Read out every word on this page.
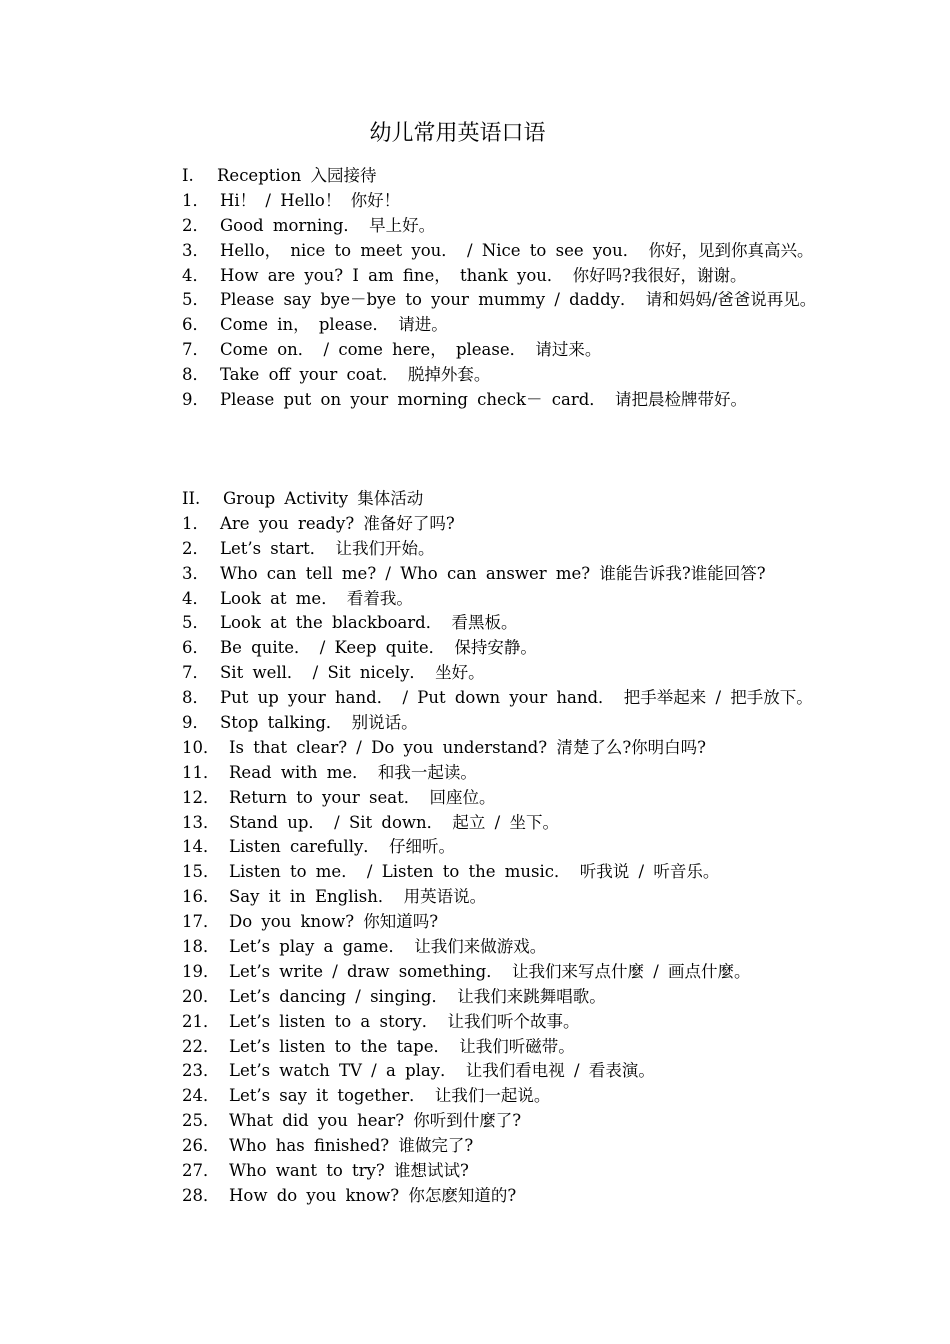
幼儿常用英语口语
I.	Reception 入园接待
1． Hi！ / Hello！ 你好！
2． Good morning． 早上好。
3． Hello， nice to meet you． / Nice to see you． 你好，见到你真高兴。
4． How are you? I am fine， thank you． 你好吗?我很好，谢谢。
5． Please say bye－bye to your mummy / daddy． 请和妈妈/爸爸说再见。
6． Come in， please． 请进。
7． Come on． / come here， please． 请过来。
8． Take off your coat． 脱掉外套。
9． Please put on your morning check－ card． 请把晨检牌带好。
II.	Group Activity 集体活动
1． Are you ready? 准备好了吗?
2． Let’s start． 让我们开始。
3． Who can tell me? / Who can answer me? 谁能告诉我?谁能回答?
4． Look at me． 看着我。
5． Look at the blackboard． 看黑板。
6． Be quite． / Keep quite． 保持安静。
7． Sit well． / Sit nicely． 坐好。
8． Put up your hand． / Put down your hand． 把手举起来 / 把手放下。
9． Stop talking． 别说话。
10． Is that clear? / Do you understand? 清楚了么?你明白吗?
11． Read with me． 和我一起读。
12． Return to your seat． 回座位。
13． Stand up． / Sit down． 起立 / 坐下。
14． Listen carefully． 仔细听。
15． Listen to me． / Listen to the music． 听我说 / 听音乐。
16． Say it in English． 用英语说。
17． Do you know? 你知道吗?
18． Let’s play a game． 让我们来做游戏。
19． Let’s write / draw something． 让我们来写点什麼 / 画点什麼。
20． Let’s dancing / singing． 让我们来跳舞唱歌。
21． Let’s listen to a story． 让我们听个故事。
22． Let’s listen to the tape． 让我们听磁带。
23． Let’s watch TV / a play． 让我们看电视 / 看表演。
24． Let’s say it together． 让我们一起说。
25． What did you hear? 你听到什麼了?
26． Who has finished? 谁做完了?
27． Who want to try? 谁想试试?
28． How do you know? 你怎麽知道的?
